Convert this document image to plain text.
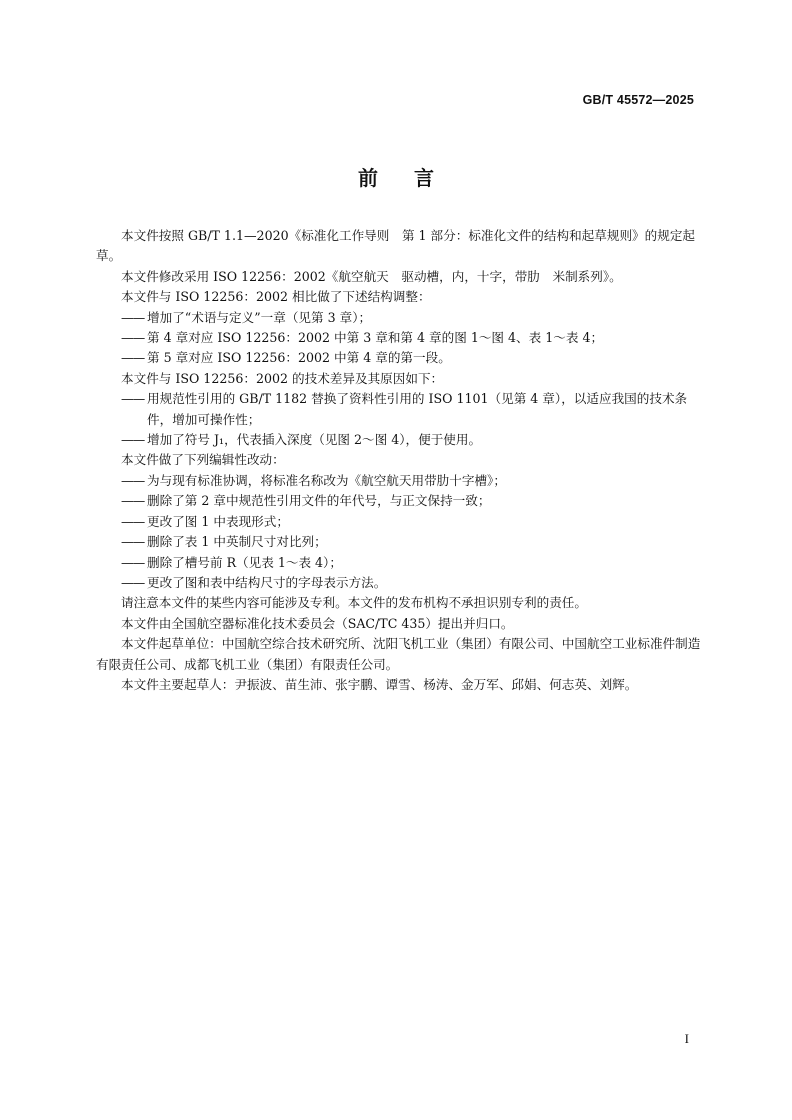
GB/T 45572—2025
前言

本文件按照 GB/T 1.1—2020《标准化工作导则　第 1 部分：标准化文件的结构和起草规则》的规定起草。

本文件修改采用 ISO 12256：2002《航空航天　驱动槽，内，十字，带肋　米制系列》。

本文件与 ISO 12256：2002 相比做了下述结构调整：

—— 增加了“术语与定义”一章（见第 3 章）；

—— 第 4 章对应 ISO 12256：2002 中第 3 章和第 4 章的图 1～图 4、表 1～表 4；

—— 第 5 章对应 ISO 12256：2002 中第 4 章的第一段。

本文件与 ISO 12256：2002 的技术差异及其原因如下：

—— 用规范性引用的 GB/T 1182 替换了资料性引用的 ISO 1101（见第 4 章），以适应我国的技术条件，增加可操作性；

—— 增加了符号 J₁，代表插入深度（见图 2～图 4），便于使用。

本文件做了下列编辑性改动：

—— 为与现有标准协调，将标准名称改为《航空航天用带肋十字槽》；

—— 删除了第 2 章中规范性引用文件的年代号，与正文保持一致；

—— 更改了图 1 中表现形式；

—— 删除了表 1 中英制尺寸对比列；

—— 删除了槽号前 R（见表 1～表 4）；

—— 更改了图和表中结构尺寸的字母表示方法。

请注意本文件的某些内容可能涉及专利。本文件的发布机构不承担识别专利的责任。

本文件由全国航空器标准化技术委员会（SAC/TC 435）提出并归口。

本文件起草单位：中国航空综合技术研究所、沈阳飞机工业（集团）有限公司、中国航空工业标准件制造有限责任公司、成都飞机工业（集团）有限责任公司。

本文件主要起草人：尹振波、苗生沛、张宇鹏、谭雪、杨涛、金万军、邱娟、何志英、刘辉。

I
